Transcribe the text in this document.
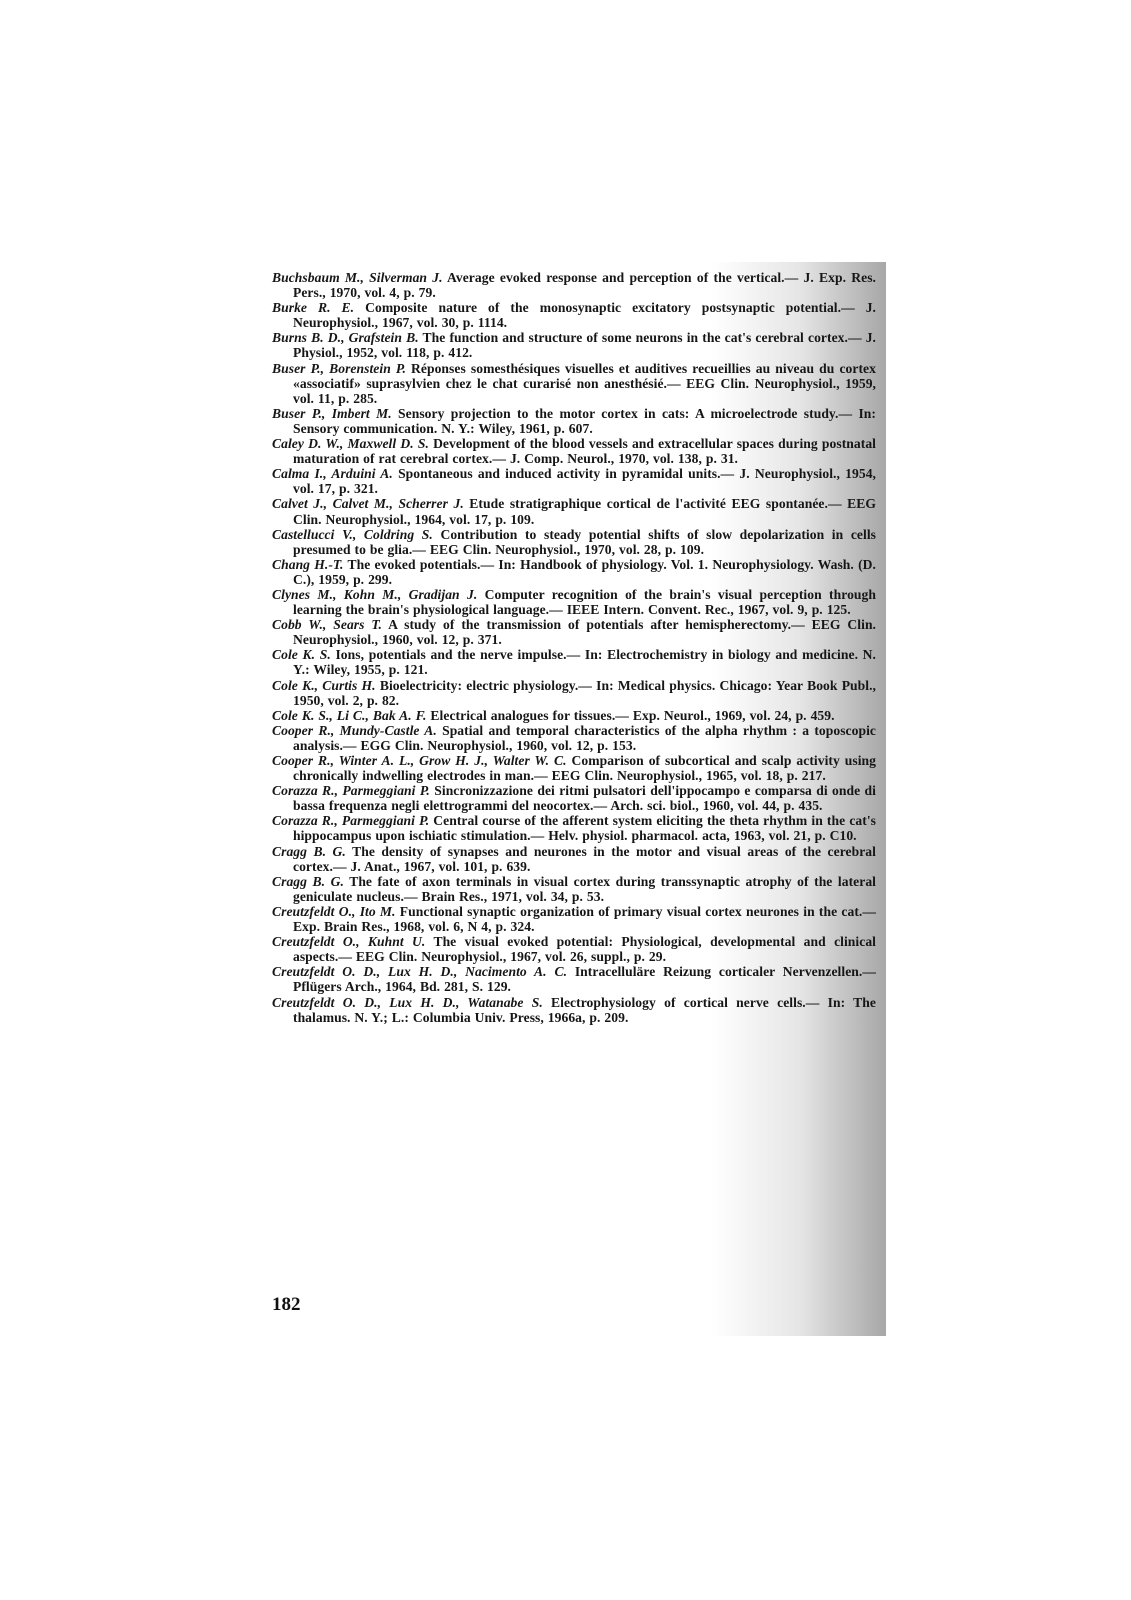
Buchsbaum M., Silverman J. Average evoked response and perception of the vertical.— J. Exp. Res. Pers., 1970, vol. 4, p. 79.
Burke R. E. Composite nature of the monosynaptic excitatory postsynaptic potential.— J. Neurophysiol., 1967, vol. 30, p. 1114.
Burns B. D., Grafstein B. The function and structure of some neurons in the cat's cerebral cortex.— J. Physiol., 1952, vol. 118, p. 412.
Buser P., Borenstein P. Réponses somesthésiques visuelles et auditives recueillies au niveau du cortex «associatif» suprasylvien chez le chat curarisé non anesthésié.— EEG Clin. Neurophysiol., 1959, vol. 11, p. 285.
Buser P., Imbert M. Sensory projection to the motor cortex in cats: A microelectrode study.— In: Sensory communication. N. Y.: Wiley, 1961, p. 607.
Caley D. W., Maxwell D. S. Development of the blood vessels and extracellular spaces during postnatal maturation of rat cerebral cortex.— J. Comp. Neurol., 1970, vol. 138, p. 31.
Calma I., Arduini A. Spontaneous and induced activity in pyramidal units.— J. Neurophysiol., 1954, vol. 17, p. 321.
Calvet J., Calvet M., Scherrer J. Etude stratigraphique cortical de l'activité EEG spontanée.— EEG Clin. Neurophysiol., 1964, vol. 17, p. 109.
Castellucci V., Coldring S. Contribution to steady potential shifts of slow depolarization in cells presumed to be glia.— EEG Clin. Neurophysiol., 1970, vol. 28, p. 109.
Chang H.-T. The evoked potentials.— In: Handbook of physiology. Vol. 1. Neurophysiology. Wash. (D. C.), 1959, p. 299.
Clynes M., Kohn M., Gradijan J. Computer recognition of the brain's visual perception through learning the brain's physiological language.— IEEE Intern. Convent. Rec., 1967, vol. 9, p. 125.
Cobb W., Sears T. A study of the transmission of potentials after hemispherectomy.— EEG Clin. Neurophysiol., 1960, vol. 12, p. 371.
Cole K. S. Ions, potentials and the nerve impulse.— In: Electrochemistry in biology and medicine. N. Y.: Wiley, 1955, p. 121.
Cole K., Curtis H. Bioelectricity: electric physiology.— In: Medical physics. Chicago: Year Book Publ., 1950, vol. 2, p. 82.
Cole K. S., Li C., Bak A. F. Electrical analogues for tissues.— Exp. Neurol., 1969, vol. 24, p. 459.
Cooper R., Mundy-Castle A. Spatial and temporal characteristics of the alpha rhythm : a toposcopic analysis.— EGG Clin. Neurophysiol., 1960, vol. 12, p. 153.
Cooper R., Winter A. L., Grow H. J., Walter W. C. Comparison of subcortical and scalp activity using chronically indwelling electrodes in man.— EEG Clin. Neurophysiol., 1965, vol. 18, p. 217.
Corazza R., Parmeggiani P. Sincronizzazione dei ritmi pulsatori dell'ippocampo e comparsa di onde di bassa frequenza negli elettrogrammi del neocortex.— Arch. sci. biol., 1960, vol. 44, p. 435.
Corazza R., Parmeggiani P. Central course of the afferent system eliciting the theta rhythm in the cat's hippocampus upon ischiatic stimulation.— Helv. physiol. pharmacol. acta, 1963, vol. 21, p. C10.
Cragg B. G. The density of synapses and neurones in the motor and visual areas of the cerebral cortex.— J. Anat., 1967, vol. 101, p. 639.
Cragg B. G. The fate of axon terminals in visual cortex during transsynaptic atrophy of the lateral geniculate nucleus.— Brain Res., 1971, vol. 34, p. 53.
Creutzfeldt O., Ito M. Functional synaptic organization of primary visual cortex neurones in the cat.— Exp. Brain Res., 1968, vol. 6, N 4, p. 324.
Creutzfeldt O., Kuhnt U. The visual evoked potential: Physiological, developmental and clinical aspects.— EEG Clin. Neurophysiol., 1967, vol. 26, suppl., p. 29.
Creutzfeldt O. D., Lux H. D., Nacimento A. C. Intracelluläre Reizung corticaler Nervenzellen.— Pflügers Arch., 1964, Bd. 281, S. 129.
Creutzfeldt O. D., Lux H. D., Watanabe S. Electrophysiology of cortical nerve cells.— In: The thalamus. N. Y.; L.: Columbia Univ. Press, 1966a, p. 209.
182
